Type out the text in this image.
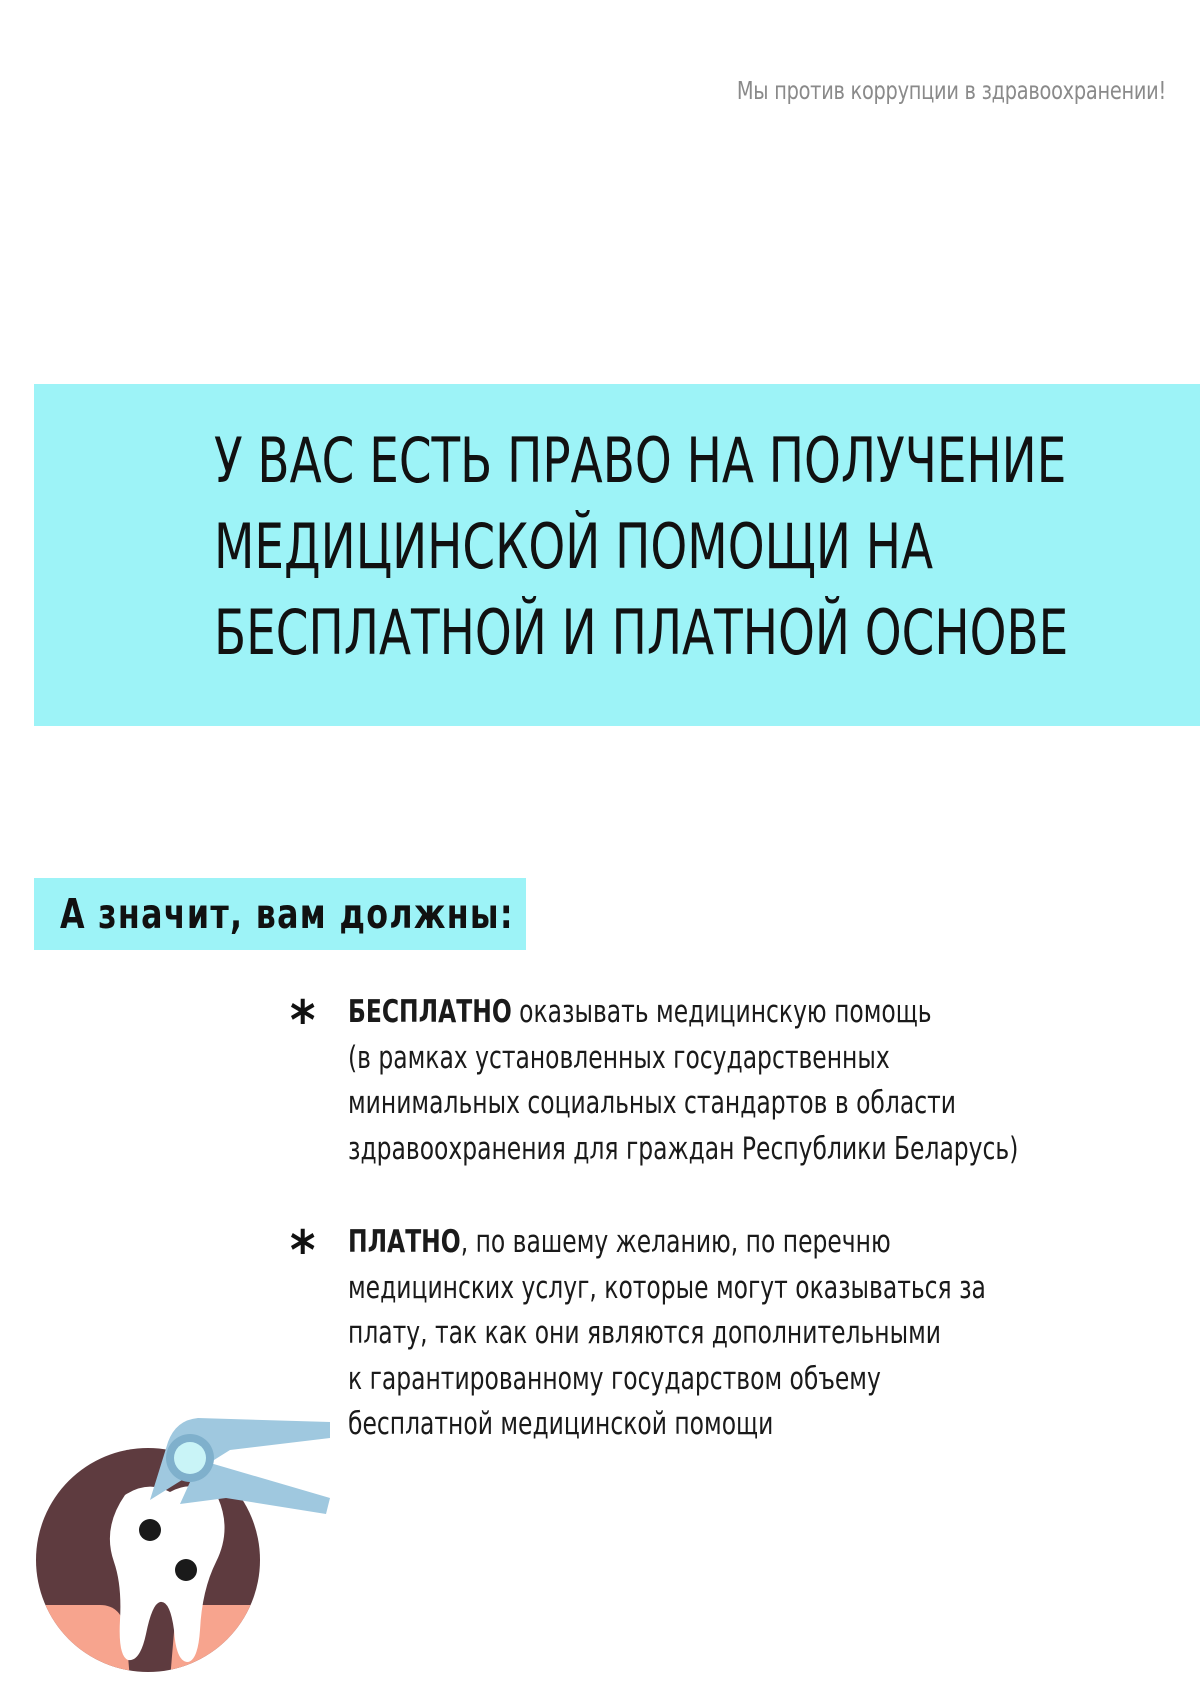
Мы против коррупции в здравоохранении!
У ВАС ЕСТЬ ПРАВО НА ПОЛУЧЕНИЕ
МЕДИЦИНСКОЙ ПОМОЩИ НА
БЕСПЛАТНОЙ И ПЛАТНОЙ ОСНОВЕ
А значит, вам должны:
* БЕСПЛАТНО оказывать медицинскую помощь
(в рамках установленных государственных
минимальных социальных стандартов в области
здравоохранения для граждан Республики Беларусь)

* ПЛАТНО, по вашему желанию, по перечню
медицинских услуг, которые могут оказываться за
плату, так как они являются дополнительными
к гарантированному государством объему
бесплатной медицинской помощи
